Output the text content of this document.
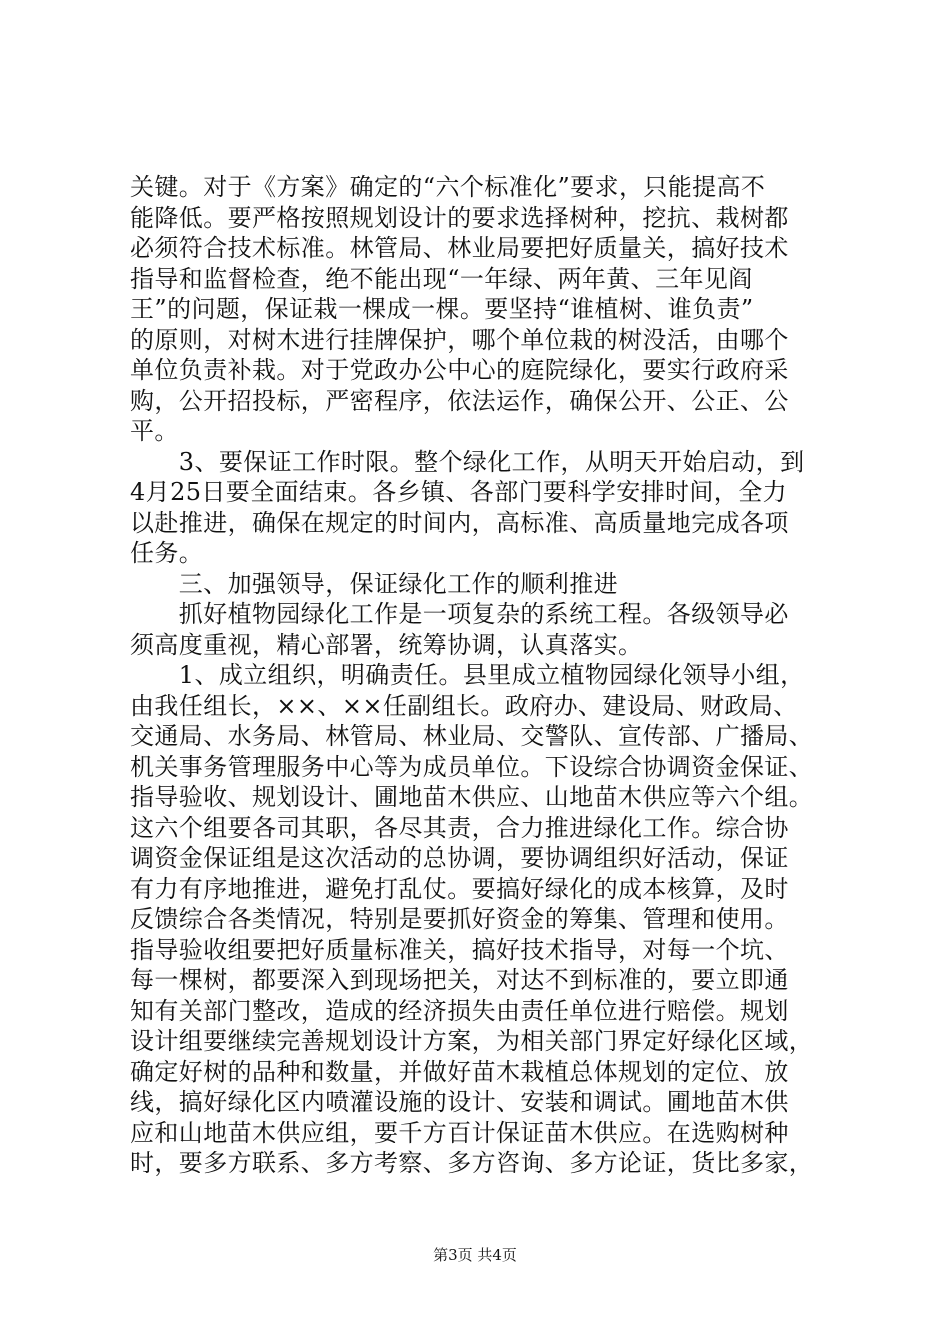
关键。对于《方案》确定的“六个标准化”要求，只能提高不
能降低。要严格按照规划设计的要求选择树种，挖抗、栽树都
必须符合技术标准。林管局、林业局要把好质量关，搞好技术
指导和监督检查，绝不能出现“一年绿、两年黄、三年见阎
王”的问题，保证栽一棵成一棵。要坚持“谁植树、谁负责”
的原则，对树木进行挂牌保护，哪个单位栽的树没活，由哪个
单位负责补栽。对于党政办公中心的庭院绿化，要实行政府采
购，公开招投标，严密程序，依法运作，确保公开、公正、公
平。
　　3、要保证工作时限。整个绿化工作，从明天开始启动，到
4月25日要全面结束。各乡镇、各部门要科学安排时间，全力
以赴推进，确保在规定的时间内，高标准、高质量地完成各项
任务。
　　三、加强领导，保证绿化工作的顺利推进
　　抓好植物园绿化工作是一项复杂的系统工程。各级领导必
须高度重视，精心部署，统筹协调，认真落实。
　　1、成立组织，明确责任。县里成立植物园绿化领导小组，
由我任组长，××、××任副组长。政府办、建设局、财政局、
交通局、水务局、林管局、林业局、交警队、宣传部、广播局、
机关事务管理服务中心等为成员单位。下设综合协调资金保证、
指导验收、规划设计、圃地苗木供应、山地苗木供应等六个组。
这六个组要各司其职，各尽其责，合力推进绿化工作。综合协
调资金保证组是这次活动的总协调，要协调组织好活动，保证
有力有序地推进，避免打乱仗。要搞好绿化的成本核算，及时
反馈综合各类情况，特别是要抓好资金的筹集、管理和使用。
指导验收组要把好质量标准关，搞好技术指导，对每一个坑、
每一棵树，都要深入到现场把关，对达不到标准的，要立即通
知有关部门整改，造成的经济损失由责任单位进行赔偿。规划
设计组要继续完善规划设计方案，为相关部门界定好绿化区域，
确定好树的品种和数量，并做好苗木栽植总体规划的定位、放
线，搞好绿化区内喷灌设施的设计、安装和调试。圃地苗木供
应和山地苗木供应组，要千方百计保证苗木供应。在选购树种
时，要多方联系、多方考察、多方咨询、多方论证，货比多家，
第3页 共4页
